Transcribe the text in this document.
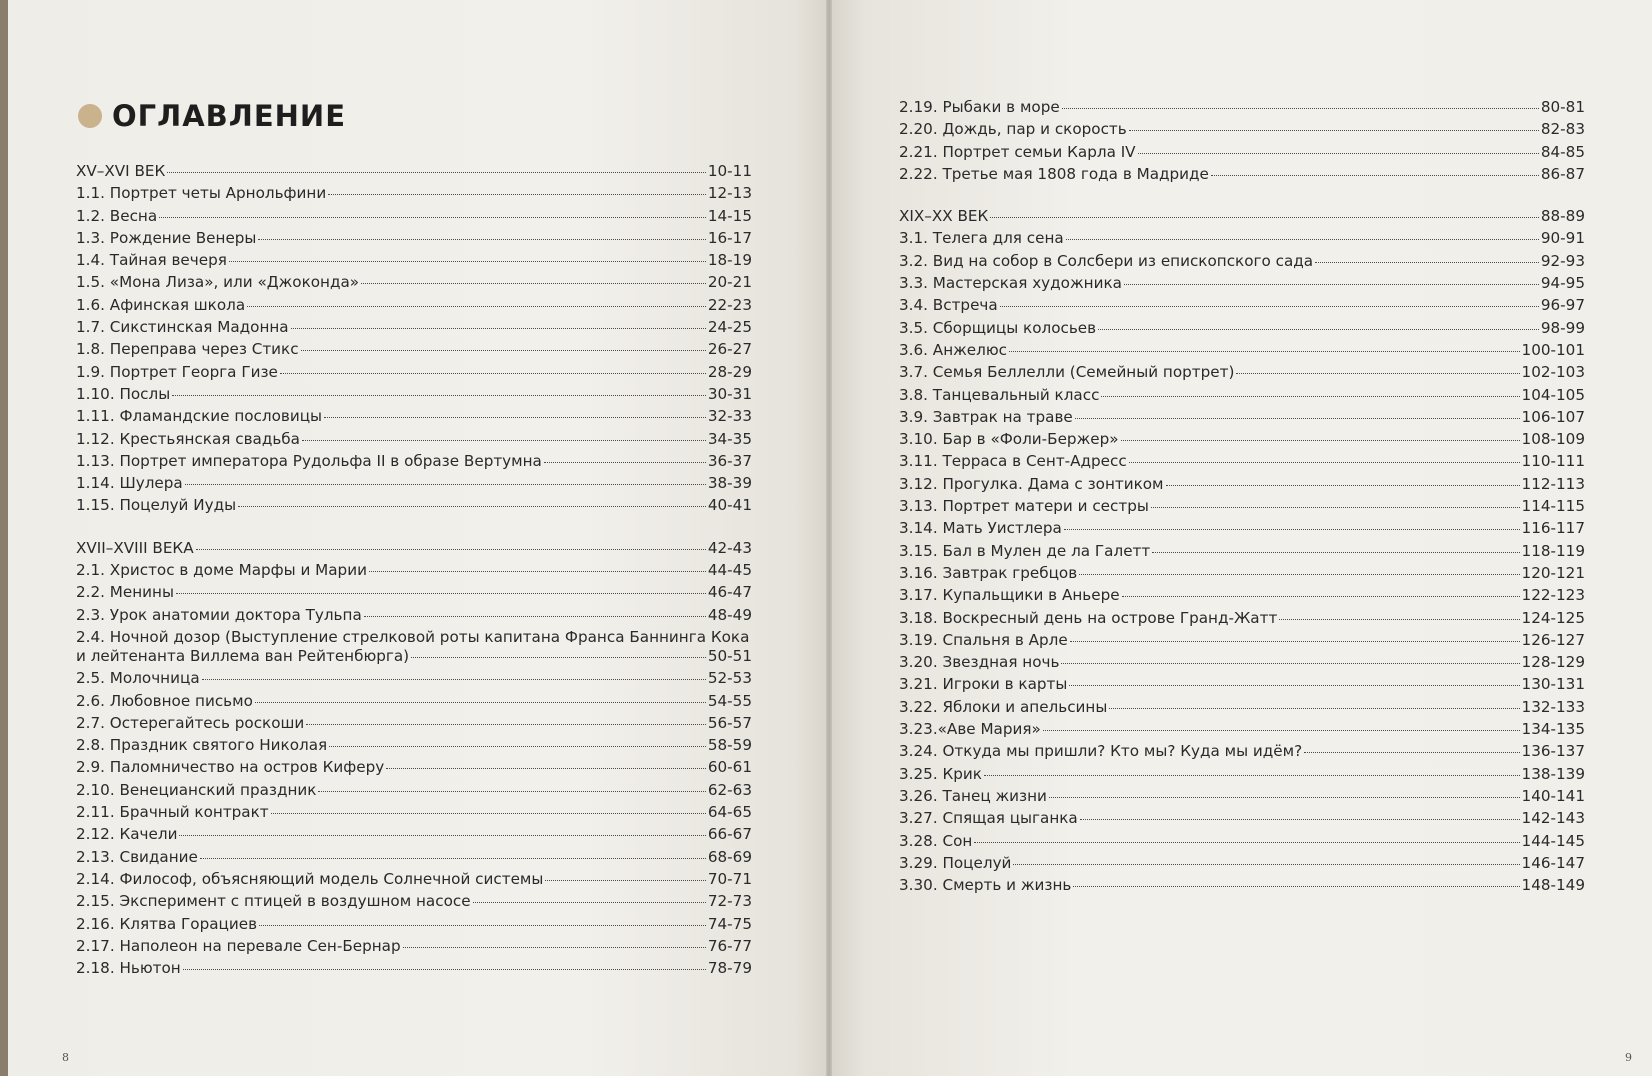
ОГЛАВЛЕНИЕ
XV–XVI ВЕК	10-11
1.1. Портрет четы Арнольфини	12-13
1.2. Весна	14-15
1.3. Рождение Венеры	16-17
1.4. Тайная вечеря	18-19
1.5. «Мона Лиза», или «Джоконда»	20-21
1.6. Афинская школа	22-23
1.7. Сикстинская Мадонна	24-25
1.8. Переправа через Стикс	26-27
1.9. Портрет Георга Гизе	28-29
1.10. Послы	30-31
1.11. Фламандские пословицы	32-33
1.12. Крестьянская свадьба	34-35
1.13. Портрет императора Рудольфа II в образе Вертумна	36-37
1.14. Шулера	38-39
1.15. Поцелуй Иуды	40-41
XVII–XVIII ВЕКА	42-43
2.1. Христос в доме Марфы и Марии	44-45
2.2. Менины	46-47
2.3. Урок анатомии доктора Тульпа	48-49
2.4. Ночной дозор (Выступление стрелковой роты капитана Франса Баннинга Кока
и лейтенанта Виллема ван Рейтенбюрга)	50-51
2.5. Молочница	52-53
2.6. Любовное письмо	54-55
2.7. Остерегайтесь роскоши	56-57
2.8. Праздник святого Николая	58-59
2.9. Паломничество на остров Киферу	60-61
2.10. Венецианский праздник	62-63
2.11. Брачный контракт	64-65
2.12. Качели	66-67
2.13. Свидание	68-69
2.14. Философ, объясняющий модель Солнечной системы	70-71
2.15. Эксперимент с птицей в воздушном насосе	72-73
2.16. Клятва Горациев	74-75
2.17. Наполеон на перевале Сен-Бернар	76-77
2.18. Ньютон	78-79
8
2.19. Рыбаки в море	80-81
2.20. Дождь, пар и скорость	82-83
2.21. Портрет семьи Карла IV	84-85
2.22. Третье мая 1808 года в Мадриде	86-87
XIX–XX ВЕК	88-89
3.1. Телега для сена	90-91
3.2. Вид на собор в Солсбери из епископского сада	92-93
3.3. Мастерская художника	94-95
3.4. Встреча	96-97
3.5. Сборщицы колосьев	98-99
3.6. Анжелюс	100-101
3.7. Семья Беллелли (Семейный портрет)	102-103
3.8. Танцевальный класс	104-105
3.9. Завтрак на траве	106-107
3.10. Бар в «Фоли-Бержер»	108-109
3.11. Терраса в Сент-Адресс	110-111
3.12. Прогулка. Дама с зонтиком	112-113
3.13. Портрет матери и сестры	114-115
3.14. Мать Уистлера	116-117
3.15. Бал в Мулен де ла Галетт	118-119
3.16. Завтрак гребцов	120-121
3.17. Купальщики в Аньере	122-123
3.18. Воскресный день на острове Гранд-Жатт	124-125
3.19. Спальня в Арле	126-127
3.20. Звездная ночь	128-129
3.21. Игроки в карты	130-131
3.22. Яблоки и апельсины	132-133
3.23.«Аве Мария»	134-135
3.24. Откуда мы пришли? Кто мы? Куда мы идём?	136-137
3.25. Крик	138-139
3.26. Танец жизни	140-141
3.27. Спящая цыганка	142-143
3.28. Сон	144-145
3.29. Поцелуй	146-147
3.30. Смерть и жизнь	148-149
9
